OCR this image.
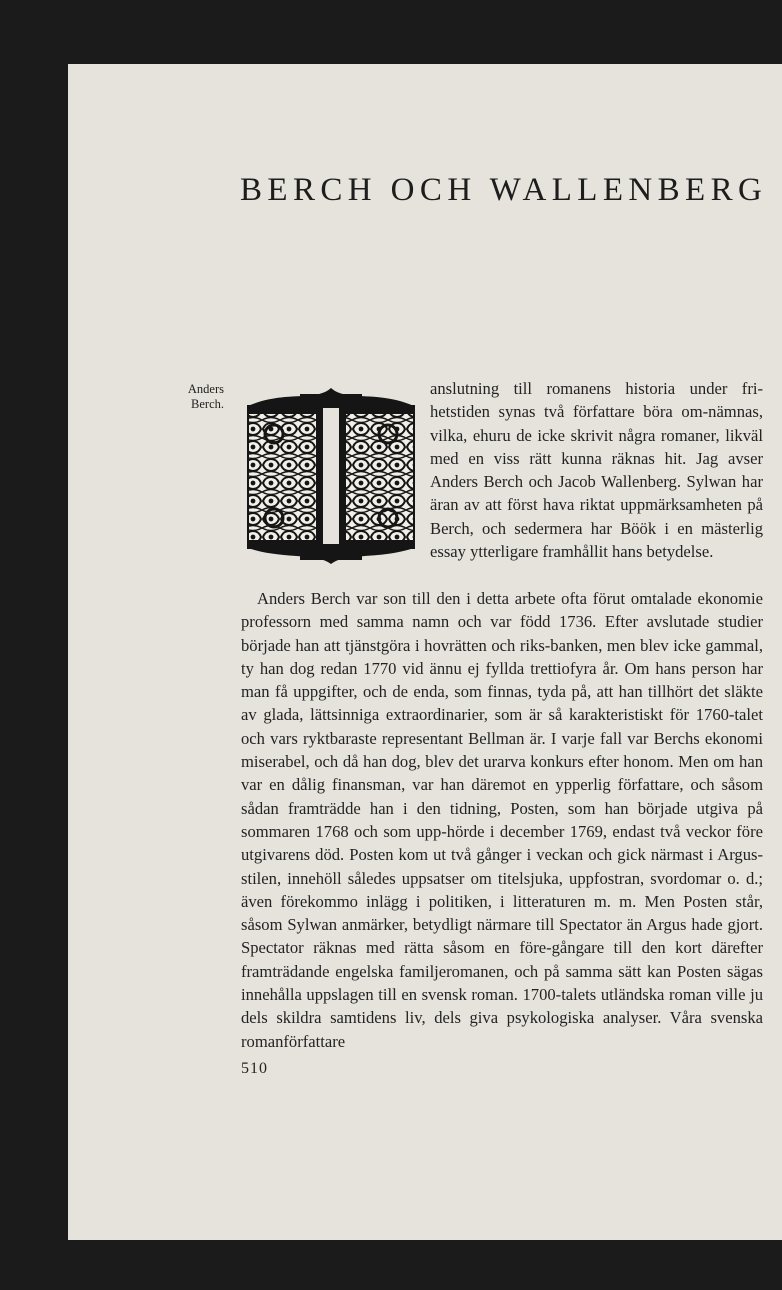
BERCH OCH WALLENBERG
Anders
Berch.

anslutning till romanens historia under fri-hetstiden synas två författare böra om-nämnas, vilka, ehuru de icke skrivit några romaner, likväl med en viss rätt kunna räknas hit. Jag avser Anders Berch och Jacob Wallenberg. Sylwan har äran av att först hava riktat uppmärksamheten på Berch, och sedermera har Böök i en mästerlig essay ytterligare framhållit hans betydelse.

Anders Berch var son till den i detta arbete ofta förut omtalade ekonomie professorn med samma namn och var född 1736. Efter avslutade studier började han att tjänstgöra i hovrätten och riks-banken, men blev icke gammal, ty han dog redan 1770 vid ännu ej fyllda trettiofyra år. Om hans person har man få uppgifter, och de enda, som finnas, tyda på, att han tillhört det släkte av glada, lättsinniga extraordinarier, som är så karakteristiskt för 1760-talet och vars ryktbaraste representant Bellman är. I varje fall var Berchs ekonomi miserabel, och då han dog, blev det urarva konkurs efter honom. Men om han var en dålig finansman, var han däremot en ypperlig författare, och såsom sådan framträdde han i den tidning, Posten, som han började utgiva på sommaren 1768 och som upp-hörde i december 1769, endast två veckor före utgivarens död. Posten kom ut två gånger i veckan och gick närmast i Argus-stilen, innehöll således uppsatser om titelsjuka, uppfostran, svordomar o. d.; även förekommo inlägg i politiken, i litteraturen m. m. Men Posten står, såsom Sylwan anmärker, betydligt närmare till Spectator än Argus hade gjort. Spectator räknas med rätta såsom en före-gångare till den kort därefter framträdande engelska familjeromanen, och på samma sätt kan Posten sägas innehålla uppslagen till en svensk roman. 1700-talets utländska roman ville ju dels skildra samtidens liv, dels giva psykologiska analyser. Våra svenska romanförfattare

510
